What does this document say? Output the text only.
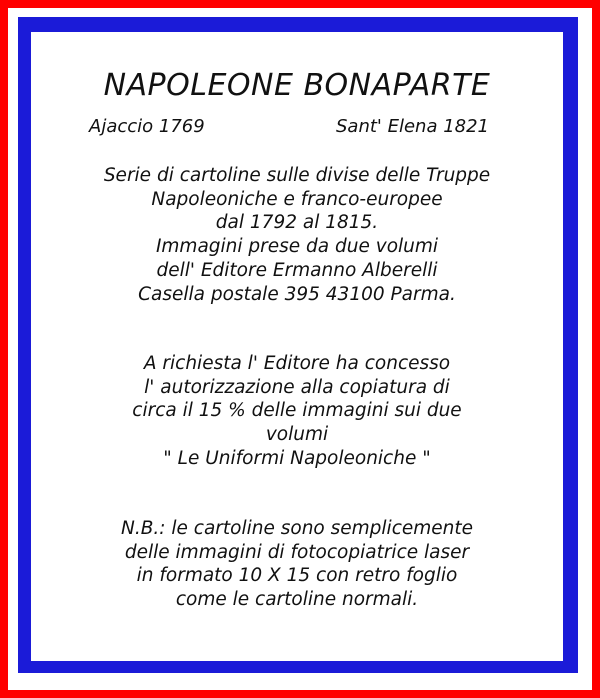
NAPOLEONE BONAPARTE
Ajaccio 1769	Sant' Elena 1821
Serie di cartoline sulle divise delle Truppe
Napoleoniche e franco-europee
dal 1792 al 1815.
Immagini prese da due volumi
dell' Editore Ermanno Alberelli
Casella postale 395 43100 Parma.
A richiesta l' Editore ha concesso
l' autorizzazione alla copiatura di
circa il 15 % delle immagini sui due
volumi
" Le Uniformi Napoleoniche "
N.B.: le cartoline sono semplicemente
delle immagini di fotocopiatrice laser
in formato 10 X 15 con retro foglio
come le cartoline normali.
